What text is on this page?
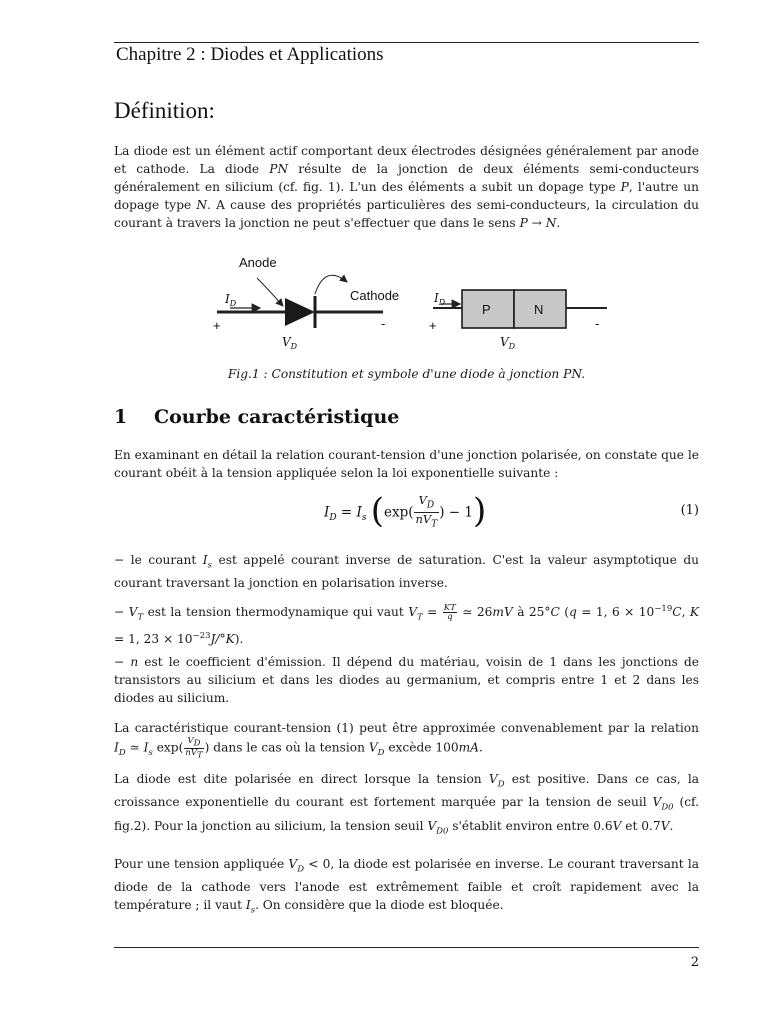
Chapitre 2 : Diodes et Applications
Définition:

La diode est un élément actif comportant deux électrodes désignées généralement par anode et cathode. La diode PN résulte de la jonction de deux éléments semi-conducteurs généralement en silicium (cf. fig. 1). L'un des éléments a subit un dopage type P, l'autre un dopage type N. A cause des propriétés particulières des semi-conducteurs, la circulation du courant à travers la jonction ne peut s'effectuer que dans le sens P → N.

Anode
Cathode
$I_D$
+	-
$V_D$
P	N
$I_D$
+	-
$V_D$
Fig.1 : Constitution et symbole d'une diode à jonction PN.
1 Courbe caractéristique

En examinant en détail la relation courant-tension d'une jonction polarisée, on constate que le courant obéit à la tension appliquée selon la loi exponentielle suivante :

$I_D = I_s$ ($\exp( \frac{V_D}{nV_T}$ ) − 1)	(1)

− le courant $I_s$ est appelé courant inverse de saturation. C'est la valeur asymptotique du courant traversant la jonction en polarisation inverse.

− $V_T$ est la tension thermodynamique qui vaut $V_T = \frac{KT}{q}$ ≃ 26mV à 25°C (q = 1, $6 \times 10^{-19}C$, K = 1, $23 \times 10^{-23}J/^\circ K$).

− n est le coefficient d'émission. Il dépend du matériau, voisin de 1 dans les jonctions de transistors au silicium et dans les diodes au germanium, et compris entre 1 et 2 dans les diodes au silicium.

La caractéristique courant-tension (1) peut être approximée convenablement par la relation $I_D$ ≃ $I_s$ $\exp( \frac{V_D}{nV_T}$ ) dans le cas où la tension $V_D$ excède 100mA.

La diode est dite polarisée en direct lorsque la tension $V_D$ est positive. Dans ce cas, la croissance exponentielle du courant est fortement marquée par la tension de seuil $V_{D0}$ (cf. fig.2). Pour la jonction au silicium, la tension seuil $V_{D0}$ s'établit environ entre 0.6V et 0.7V.

Pour une tension appliquée $V_D < 0$, la diode est polarisée en inverse. Le courant traversant la diode de la cathode vers l'anode est extrêmement faible et croît rapidement avec la température ; il vaut $I_s$. On considère que la diode est bloquée.

2
